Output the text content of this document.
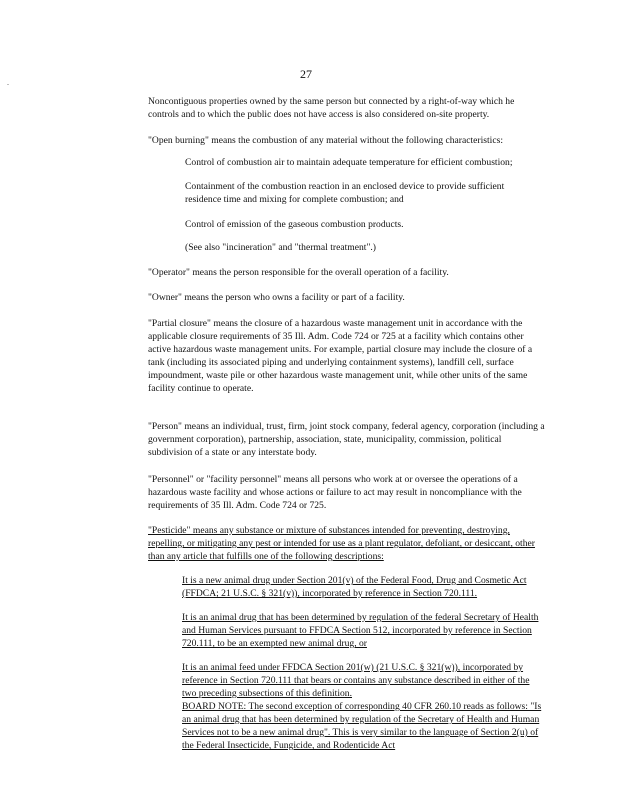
.
27

Noncontiguous properties owned by the same person but connected by a right-of-way which he controls and to which the public does not have access is also considered on-site property.

"Open burning" means the combustion of any material without the following characteristics:

Control of combustion air to maintain adequate temperature for efficient combustion;

Containment of the combustion reaction in an enclosed device to provide sufficient residence time and mixing for complete combustion; and

Control of emission of the gaseous combustion products.

(See also "incineration" and "thermal treatment".)

"Operator" means the person responsible for the overall operation of a facility.

"Owner" means the person who owns a facility or part of a facility.

"Partial closure" means the closure of a hazardous waste management unit in accordance with the applicable closure requirements of 35 Ill. Adm. Code 724 or 725 at a facility which contains other active hazardous waste management units. For example, partial closure may include the closure of a tank (including its associated piping and underlying containment systems), landfill cell, surface impoundment, waste pile or other hazardous waste management unit, while other units of the same facility continue to operate.

"Person" means an individual, trust, firm, joint stock company, federal agency, corporation (including a government corporation), partnership, association, state, municipality, commission, political subdivision of a state or any interstate body.

"Personnel" or "facility personnel" means all persons who work at or oversee the operations of a hazardous waste facility and whose actions or failure to act may result in noncompliance with the requirements of 35 Ill. Adm. Code 724 or 725.

"Pesticide" means any substance or mixture of substances intended for preventing, destroying, repelling, or mitigating any pest or intended for use as a plant regulator, defoliant, or desiccant, other than any article that fulfills one of the following descriptions:

It is a new animal drug under Section 201(v) of the Federal Food, Drug and Cosmetic Act (FFDCA; 21 U.S.C. § 321(v)), incorporated by reference in Section 720.111.

It is an animal drug that has been determined by regulation of the federal Secretary of Health and Human Services pursuant to FFDCA Section 512, incorporated by reference in Section 720.111, to be an exempted new animal drug, or

It is an animal feed under FFDCA Section 201(w) (21 U.S.C. § 321(w)), incorporated by reference in Section 720.111 that bears or contains any substance described in either of the two preceding subsections of this definition.

BOARD NOTE: The second exception of corresponding 40 CFR 260.10 reads as follows: "Is an animal drug that has been determined by regulation of the Secretary of Health and Human Services not to be a new animal drug". This is very similar to the language of Section 2(u) of the Federal Insecticide, Fungicide, and Rodenticide Act
